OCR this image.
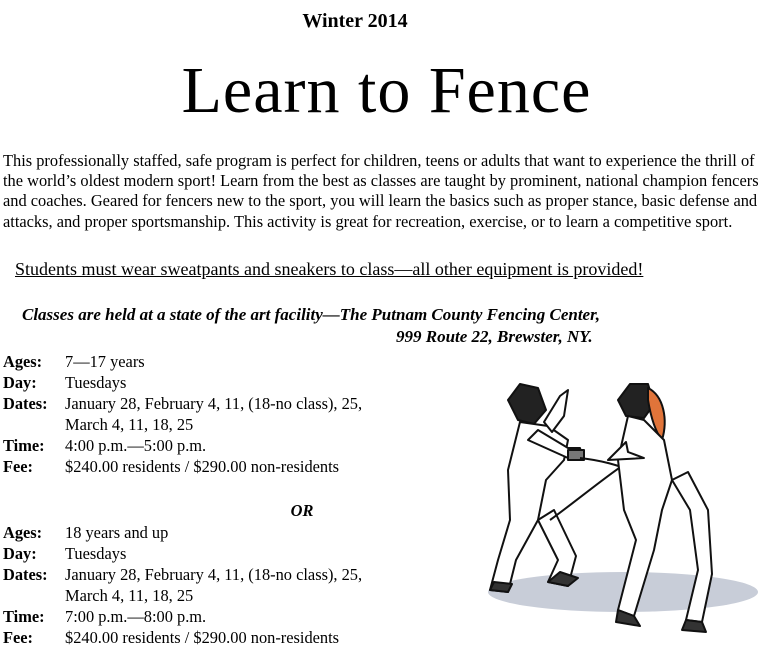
Winter 2014
Learn to Fence
This professionally staffed, safe program is perfect for children, teens or adults that want to experience the thrill of the world’s oldest modern sport! Learn from the best as classes are taught by prominent, national champion fencers and coaches. Geared for fencers new to the sport, you will learn the basics such as proper stance, basic defense and attacks, and proper sportsmanship. This activity is great for recreation, exercise, or to learn a competitive sport.
Students must wear sweatpants and sneakers to class—all other equipment is provided!
Classes are held at a state of the art facility—The Putnam County Fencing Center,
999 Route 22, Brewster, NY.
Ages:	7—17 years
Day:	Tuesdays
Dates:	January 28, February 4, 11, (18-no class), 25,
March 4, 11, 18, 25
Time:	4:00 p.m.—5:00 p.m.
Fee:	$240.00 residents / $290.00 non-residents
OR
Ages:	18 years and up
Day:	Tuesdays
Dates:	January 28, February 4, 11, (18-no class), 25,
March 4, 11, 18, 25
Time:	7:00 p.m.—8:00 p.m.
Fee:	$240.00 residents / $290.00 non-residents
